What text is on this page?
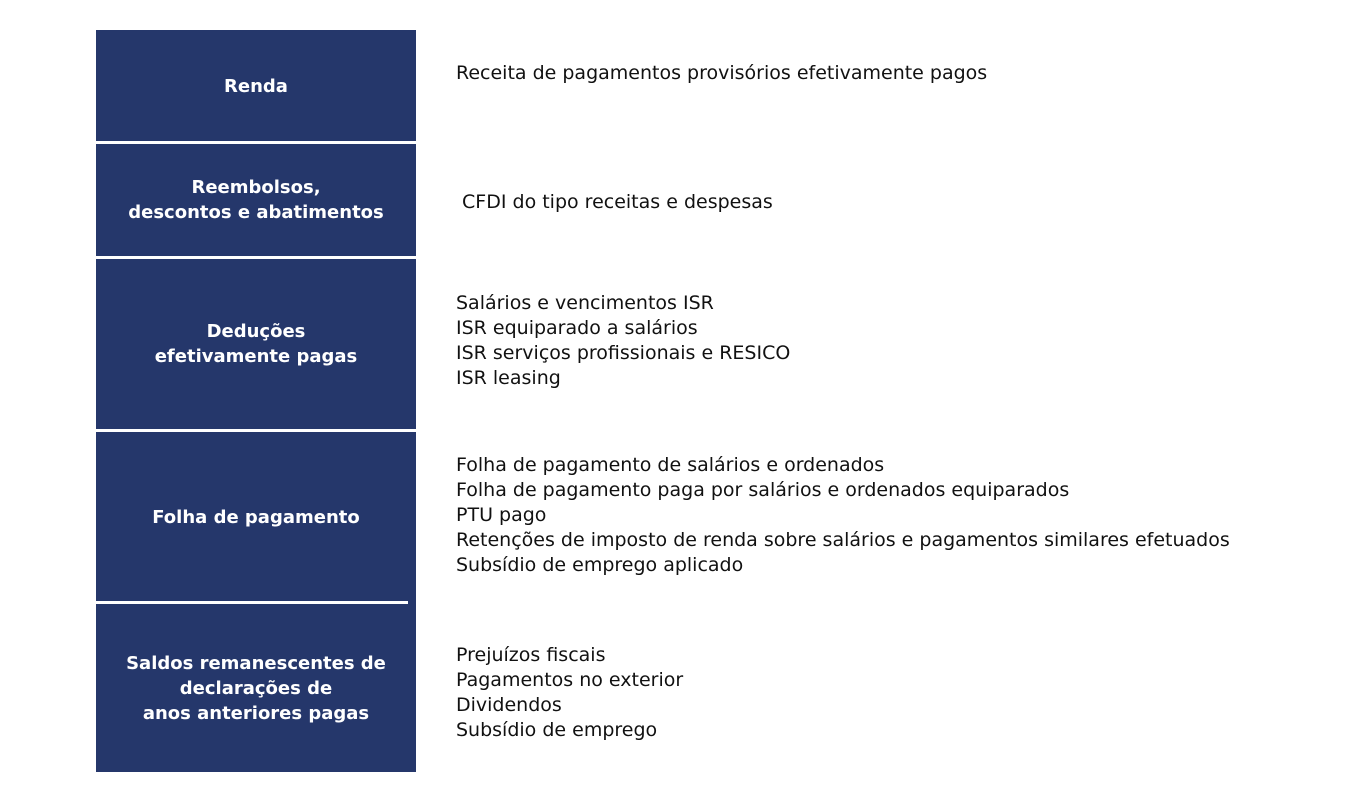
Renda
Reembolsos,
descontos e abatimentos
Deduções
efetivamente pagas
Folha de pagamento
Saldos remanescentes de
declarações de
anos anteriores pagas
Receita de pagamentos provisórios efetivamente pagos
CFDI do tipo receitas e despesas
Salários e vencimentos ISR
ISR equiparado a salários
ISR serviços profissionais e RESICO
ISR leasing
Folha de pagamento de salários e ordenados
Folha de pagamento paga por salários e ordenados equiparados
PTU pago
Retenções de imposto de renda sobre salários e pagamentos similares efetuados
Subsídio de emprego aplicado
Prejuízos fiscais
Pagamentos no exterior
Dividendos
Subsídio de emprego
